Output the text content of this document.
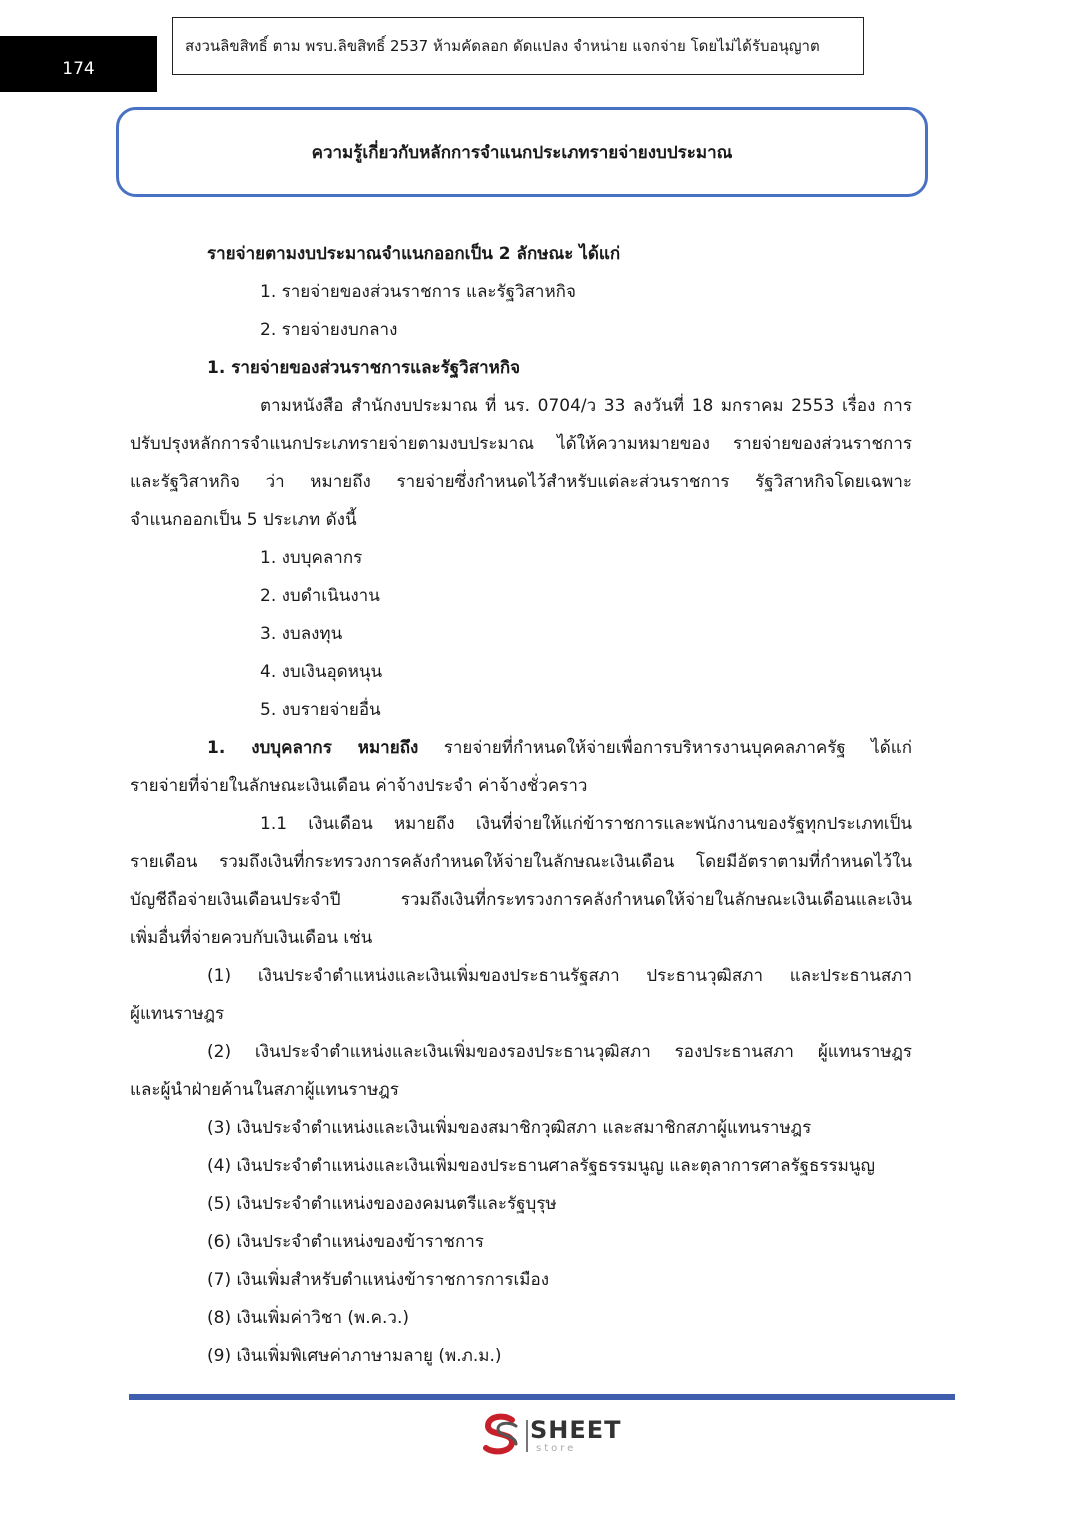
174
สงวนลิขสิทธิ์ ตาม พรบ.ลิขสิทธิ์ 2537 ห้ามคัดลอก ดัดแปลง จำหน่าย แจกจ่าย โดยไม่ได้รับอนุญาต
ความรู้เกี่ยวกับหลักการจำแนกประเภทรายจ่ายงบประมาณ
รายจ่ายตามงบประมาณจำแนกออกเป็น 2 ลักษณะ ได้แก่
1. รายจ่ายของส่วนราชการ และรัฐวิสาหกิจ
2. รายจ่ายงบกลาง
1. รายจ่ายของส่วนราชการและรัฐวิสาหกิจ
ตามหนังสือ สำนักงบประมาณ ที่ นร. 0704/ว 33 ลงวันที่ 18 มกราคม 2553 เรื่อง การ
ปรับปรุงหลักการจำแนกประเภทรายจ่ายตามงบประมาณ ได้ให้ความหมายของ รายจ่ายของส่วนราชการ
และรัฐวิสาหกิจ ว่า หมายถึง รายจ่ายซึ่งกำหนดไว้สำหรับแต่ละส่วนราชการ รัฐวิสาหกิจโดยเฉพาะ
จำแนกออกเป็น 5 ประเภท ดังนี้
1. งบบุคลากร
2. งบดำเนินงาน
3. งบลงทุน
4. งบเงินอุดหนุน
5. งบรายจ่ายอื่น
1. งบบุคลากร หมายถึง รายจ่ายที่กำหนดให้จ่ายเพื่อการบริหารงานบุคคลภาครัฐ ได้แก่
รายจ่ายที่จ่ายในลักษณะเงินเดือน ค่าจ้างประจำ ค่าจ้างชั่วคราว
1.1 เงินเดือน หมายถึง เงินที่จ่ายให้แก่ข้าราชการและพนักงานของรัฐทุกประเภทเป็น
รายเดือน รวมถึงเงินที่กระทรวงการคลังกำหนดให้จ่ายในลักษณะเงินเดือน โดยมีอัตราตามที่กำหนดไว้ใน
บัญชีถือจ่ายเงินเดือนประจำปี รวมถึงเงินที่กระทรวงการคลังกำหนดให้จ่ายในลักษณะเงินเดือนและเงิน
เพิ่มอื่นที่จ่ายควบกับเงินเดือน เช่น
(1) เงินประจำตำแหน่งและเงินเพิ่มของประธานรัฐสภา ประธานวุฒิสภา และประธานสภา
ผู้แทนราษฎร
(2) เงินประจำตำแหน่งและเงินเพิ่มของรองประธานวุฒิสภา รองประธานสภา ผู้แทนราษฎร
และผู้นำฝ่ายค้านในสภาผู้แทนราษฎร
(3) เงินประจำตำแหน่งและเงินเพิ่มของสมาชิกวุฒิสภา และสมาชิกสภาผู้แทนราษฎร
(4) เงินประจำตำแหน่งและเงินเพิ่มของประธานศาลรัฐธรรมนูญ และตุลาการศาลรัฐธรรมนูญ
(5) เงินประจำตำแหน่งขององคมนตรีและรัฐบุรุษ
(6) เงินประจำตำแหน่งของข้าราชการ
(7) เงินเพิ่มสำหรับตำแหน่งข้าราชการการเมือง
(8) เงินเพิ่มค่าวิชา (พ.ค.ว.)
(9) เงินเพิ่มพิเศษค่าภาษามลายู (พ.ภ.ม.)
SHEET
store
